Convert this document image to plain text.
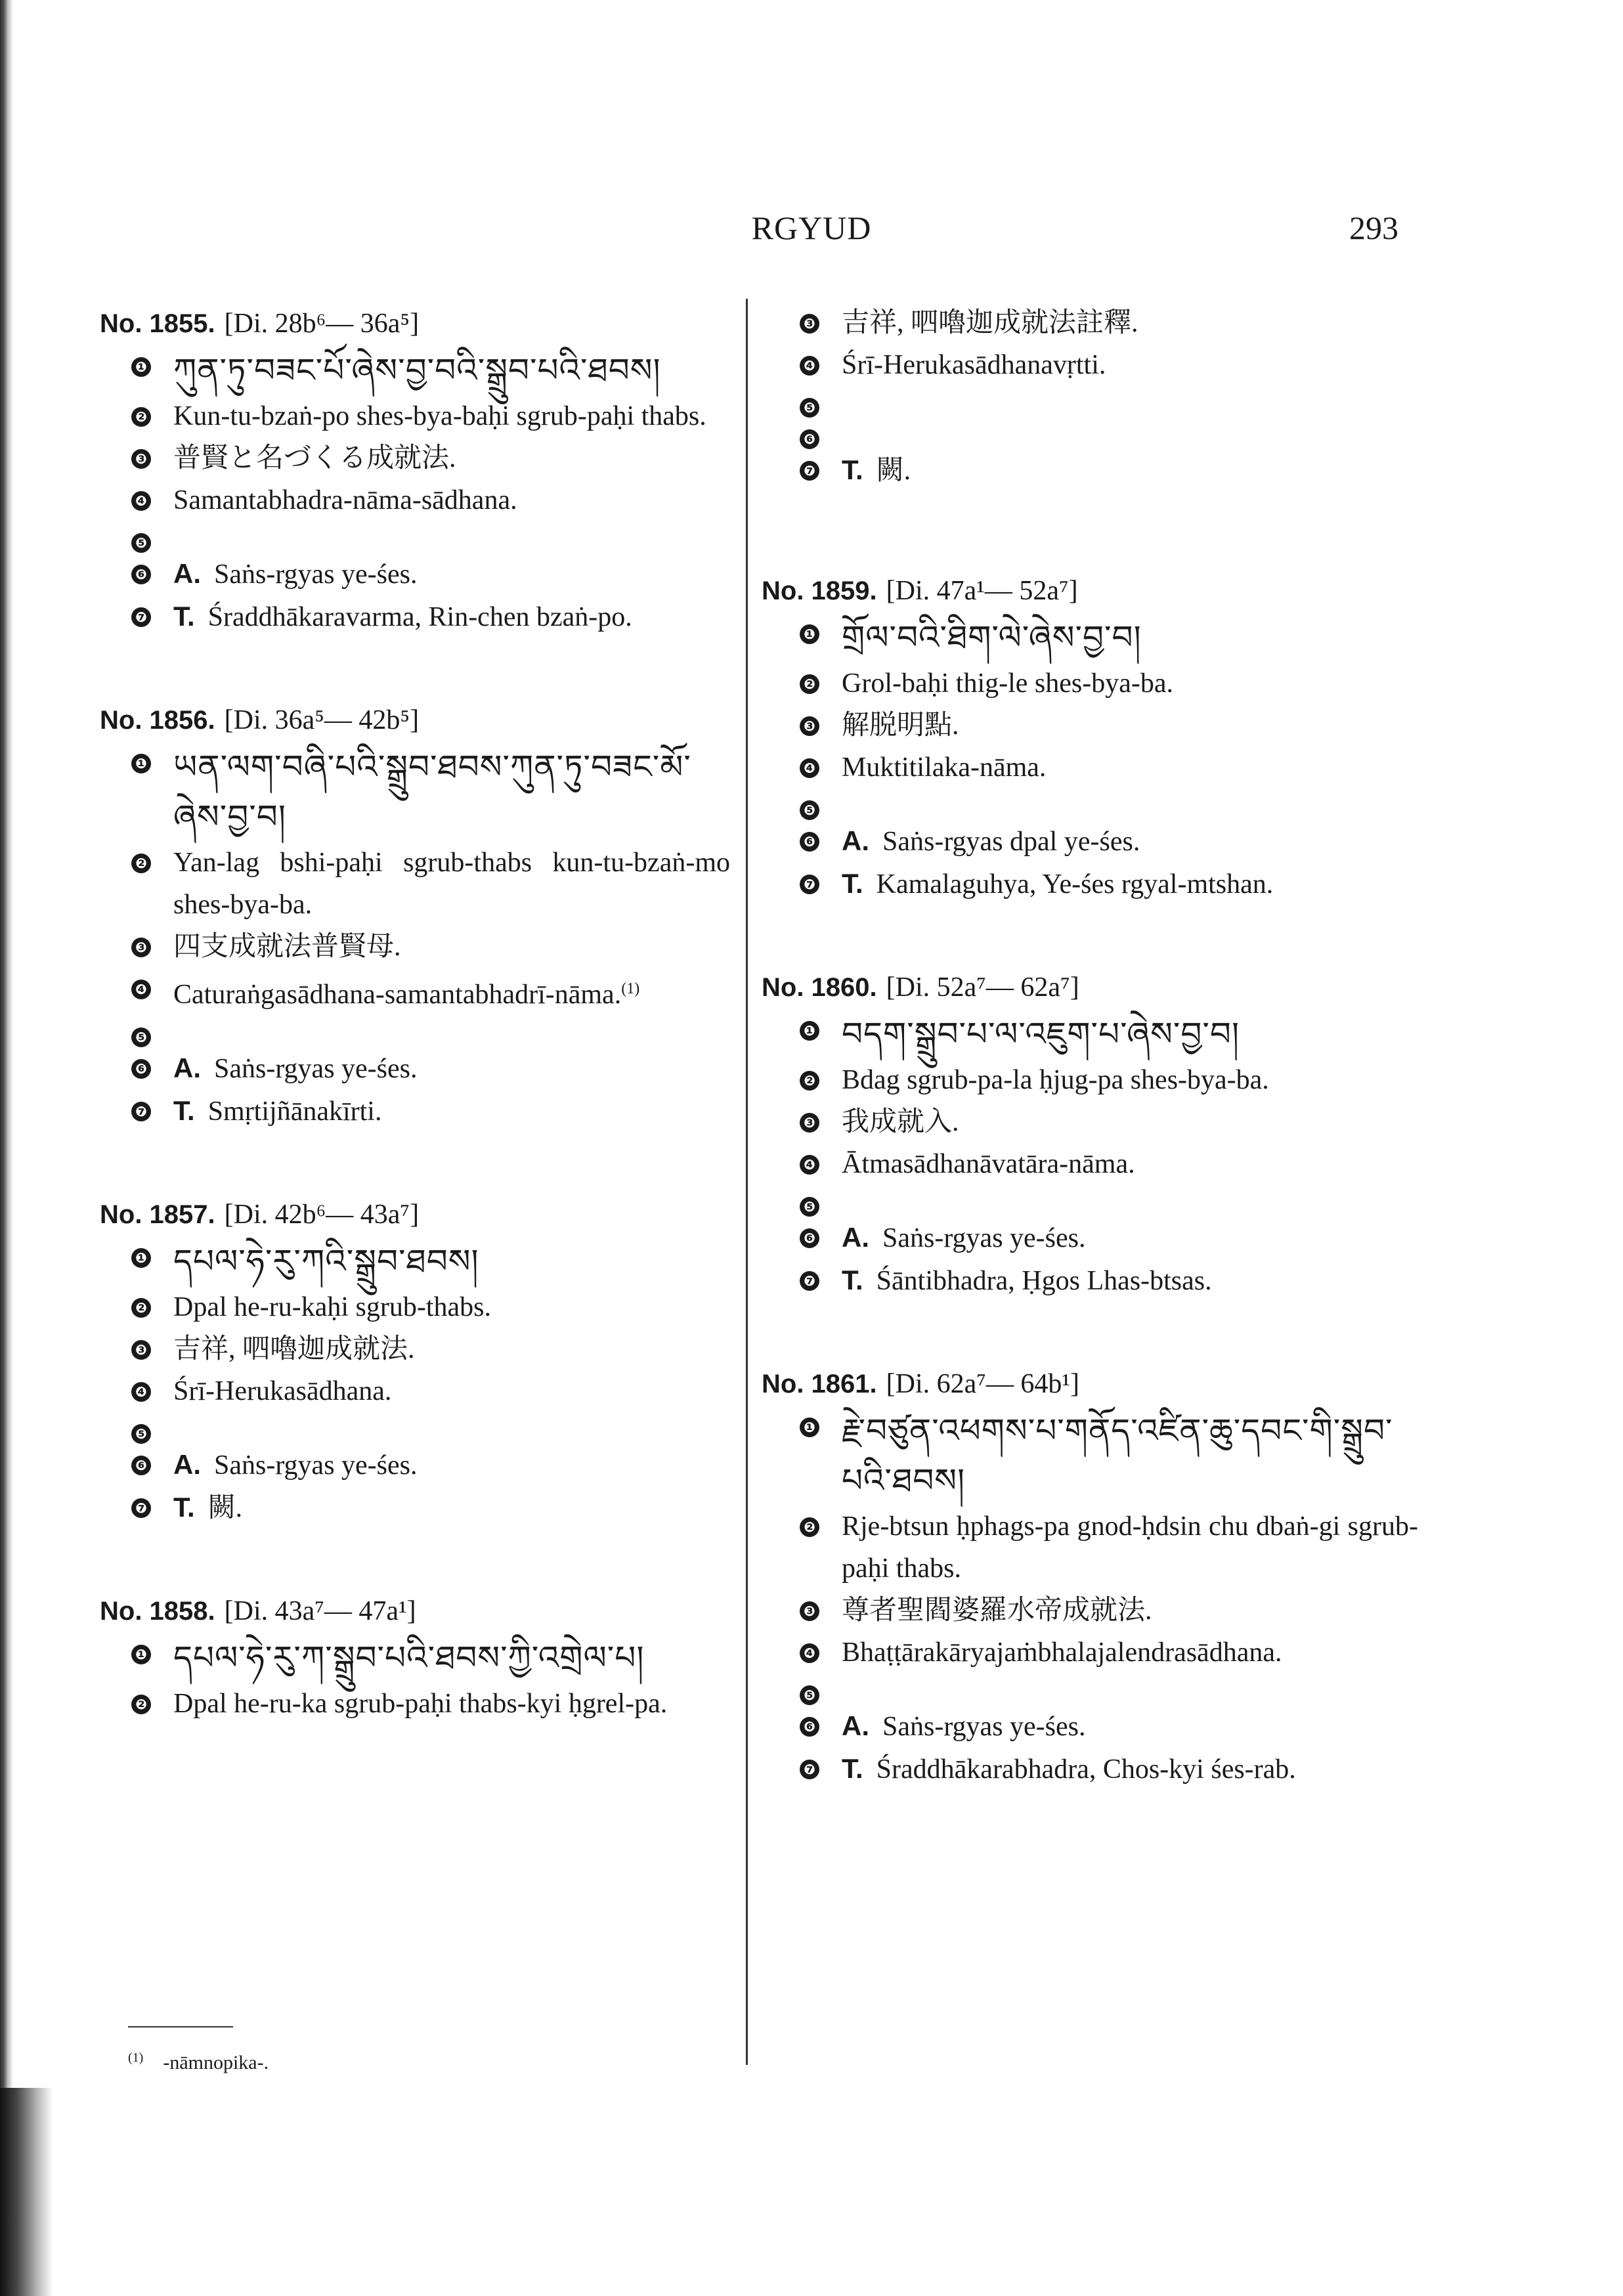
RGYUD	293
No. 1855. [Di. 28b⁶— 36a⁵]
❶ ཀུན་ཏུ་བཟང་པོ་ཞེས་བྱ་བའི་སྒྲུབ་པའི་ཐབས།
❷ Kun-tu-bzaṅ-po shes-bya-baḥi sgrub-paḥi thabs.
❸ 普賢と名づくる成就法.
❹ Samantabhadra-nāma-sādhana.
❺
❻ A. Saṅs-rgyas ye-śes.
❼ T. Śraddhākaravarma, Rin-chen bzaṅ-po.
No. 1856. [Di. 36a⁵— 42b⁵]
❶ ཡན་ལག་བཞི་པའི་སྒྲུབ་ཐབས་ཀུན་ཏུ་བཟང་མོ་ཞེས་བྱ་བ།
❷ Yan-lag bshi-paḥi sgrub-thabs kun-tu-bzaṅ-mo shes-bya-ba.
❸ 四支成就法普賢母.
❹ Caturaṅgasādhana-samantabhadrī-nāma.$^{(1)}$
❺
❻ A. Saṅs-rgyas ye-śes.
❼ T. Smṛtijñānakīrti.
No. 1857. [Di. 42b⁶— 43a⁷]
❶ དཔལ་ཧེ་རུ་ཀའི་སྒྲུབ་ཐབས།
❷ Dpal he-ru-kaḥi sgrub-thabs.
❸ 吉祥, 呬嚕迦成就法.
❹ Śrī-Herukasādhana.
❺
❻ A. Saṅs-rgyas ye-śes.
❼ T. 闕.
No. 1858. [Di. 43a⁷— 47a¹]
❶ དཔལ་ཧེ་རུ་ཀ་སྒྲུབ་པའི་ཐབས་ཀྱི་འགྲེལ་པ།
❷ Dpal he-ru-ka sgrub-paḥi thabs-kyi ḥgrel-pa.
❸ 吉祥, 呬嚕迦成就法註釋.
❹ Śrī-Herukasādhanavṛtti.
❺
❻
❼ T. 闕.
No. 1859. [Di. 47a¹— 52a⁷]
❶ གྲོལ་བའི་ཐིག་ལེ་ཞེས་བྱ་བ།
❷ Grol-baḥi thig-le shes-bya-ba.
❸ 解脱明點.
❹ Muktitilaka-nāma.
❺
❻ A. Saṅs-rgyas dpal ye-śes.
❼ T. Kamalaguhya, Ye-śes rgyal-mtshan.
No. 1860. [Di. 52a⁷— 62a⁷]
❶ བདག་སྒྲུབ་པ་ལ་འཇུག་པ་ཞེས་བྱ་བ།
❷ Bdag sgrub-pa-la ḥjug-pa shes-bya-ba.
❸ 我成就入.
❹ Ātmasādhanāvatāra-nāma.
❺
❻ A. Saṅs-rgyas ye-śes.
❼ T. Śāntibhadra, Ḥgos Lhas-btsas.
No. 1861. [Di. 62a⁷— 64b¹]
❶ རྗེ་བཙུན་འཕགས་པ་གནོད་འཛིན་ཆུ་དབང་གི་སྒྲུབ་པའི་ཐབས།
❷ Rje-btsun ḥphags-pa gnod-ḥdsin chu dbaṅ-gi sgrub-paḥi thabs.
❸ 尊者聖閻婆羅水帝成就法.
❹ Bhaṭṭārakāryajaṁbhalajalendrasādhana.
❺
❻ A. Saṅs-rgyas ye-śes.
❼ T. Śraddhākarabhadra, Chos-kyi śes-rab.
$^{(1)}$ -nāmnopika-.
